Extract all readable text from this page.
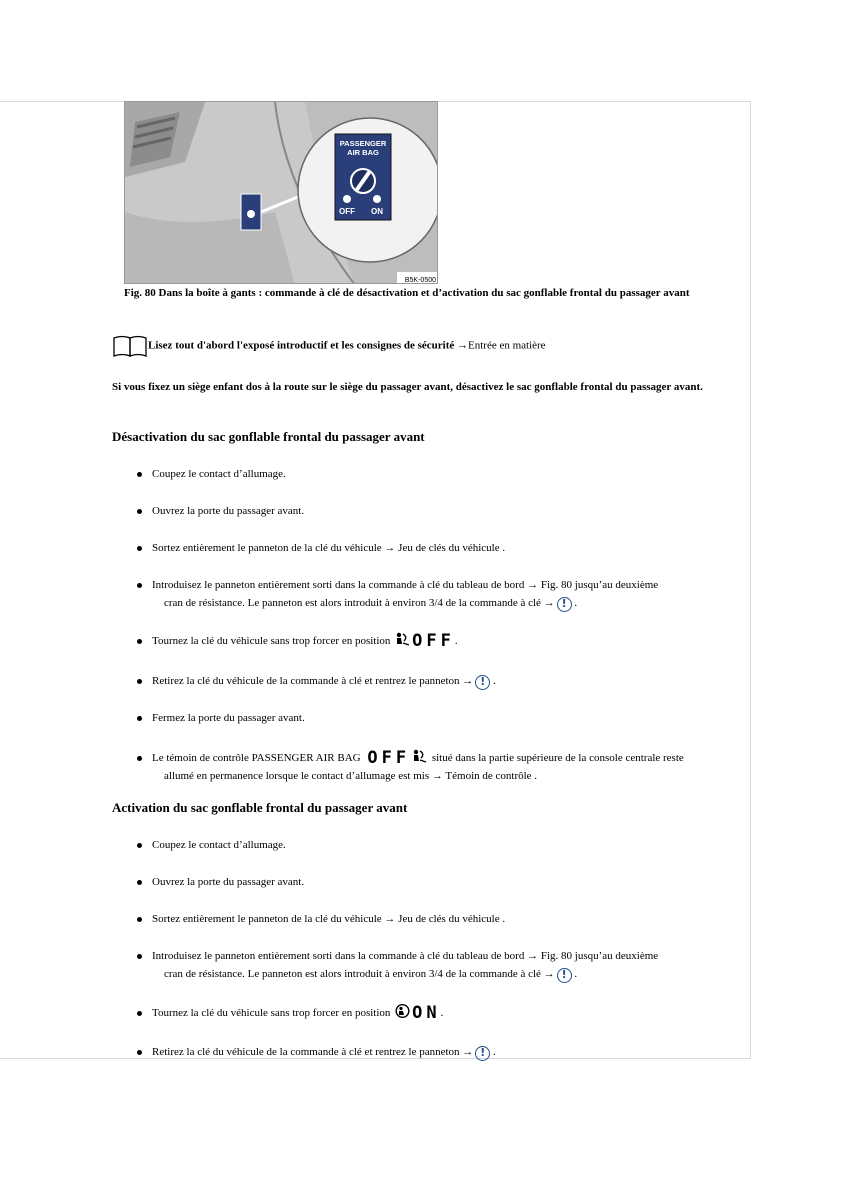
PASSENGER
AIR BAG
OFF ON
B5K-0500
Fig. 80 Dans la boîte à gants : commande à clé de désactivation et d’activation du sac gonflable frontal du passager avant
Lisez tout d'abord l'exposé introductif et les consignes de sécurité →Entrée en matière
Si vous fixez un siège enfant dos à la route sur le siège du passager avant, désactivez le sac gonflable frontal du passager avant.
Désactivation du sac gonflable frontal du passager avant
Coupez le contact d’allumage.
Ouvrez la porte du passager avant.
Sortez entièrement le panneton de la clé du véhicule → Jeu de clés du véhicule .
Introduisez le panneton entièrement sorti dans la commande à clé du tableau de bord → Fig. 80 jusqu’au deuxième
cran de résistance. Le panneton est alors introduit à environ 3/4 de la commande à clé → ! .
Tournez la clé du véhicule sans trop forcer en position OFF.
Retirez la clé du véhicule de la commande à clé et rentrez le panneton → ! .
Fermez la porte du passager avant.
Le témoin de contrôle PASSENGER AIR BAG OFF situé dans la partie supérieure de la console centrale reste
allumé en permanence lorsque le contact d’allumage est mis → Témoin de contrôle .
Activation du sac gonflable frontal du passager avant
Coupez le contact d’allumage.
Ouvrez la porte du passager avant.
Sortez entièrement le panneton de la clé du véhicule → Jeu de clés du véhicule .
Introduisez le panneton entièrement sorti dans la commande à clé du tableau de bord → Fig. 80 jusqu’au deuxième
cran de résistance. Le panneton est alors introduit à environ 3/4 de la commande à clé → ! .
Tournez la clé du véhicule sans trop forcer en position ON.
Retirez la clé du véhicule de la commande à clé et rentrez le panneton → ! .
